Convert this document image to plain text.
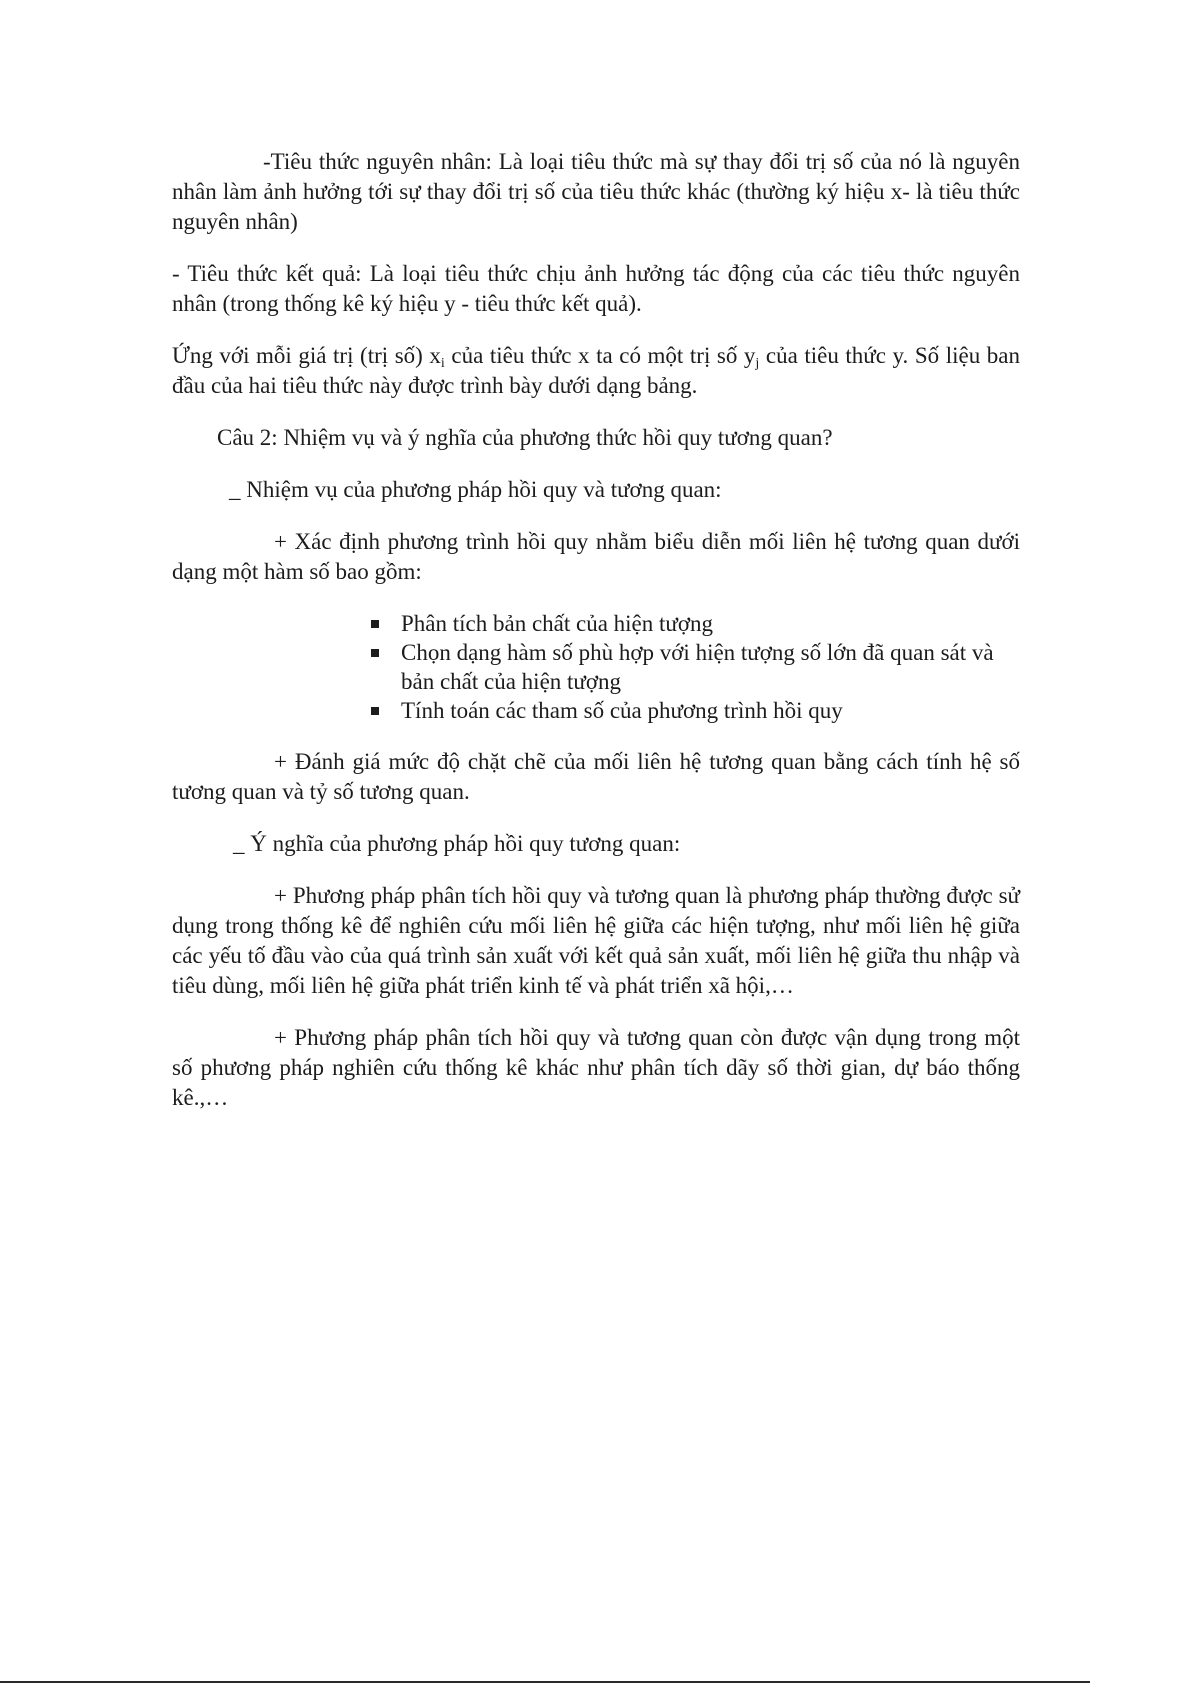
-Tiêu thức nguyên nhân: Là loại tiêu thức mà sự thay đổi trị số của nó là nguyên nhân làm ảnh hưởng tới sự thay đổi trị số của tiêu thức khác (thường ký hiệu x- là tiêu thức nguyên nhân)

- Tiêu thức kết quả: Là loại tiêu thức chịu ảnh hưởng tác động của các tiêu thức nguyên nhân (trong thống kê ký hiệu y - tiêu thức kết quả).

Ứng với mỗi giá trị (trị số) $x_i$ của tiêu thức x ta có một trị số $y_j$ của tiêu thức y. Số liệu ban đầu của hai tiêu thức này được trình bày dưới dạng bảng.

Câu 2: Nhiệm vụ và ý nghĩa của phương thức hồi quy tương quan?

_ Nhiệm vụ của phương pháp hồi quy và tương quan:

+ Xác định phương trình hồi quy nhằm biểu diễn mối liên hệ tương quan dưới dạng một hàm số bao gồm:

Phân tích bản chất của hiện tượng
Chọn dạng hàm số phù hợp với hiện tượng số lớn đã quan sát và bản chất của hiện tượng
Tính toán các tham số của phương trình hồi quy

+ Đánh giá mức độ chặt chẽ của mối liên hệ tương quan bằng cách tính hệ số tương quan và tỷ số tương quan.

_ Ý nghĩa của phương pháp hồi quy tương quan:

+ Phương pháp phân tích hồi quy và tương quan là phương pháp thường được sử dụng trong thống kê để nghiên cứu mối liên hệ giữa các hiện tượng, như mối liên hệ giữa các yếu tố đầu vào của quá trình sản xuất với kết quả sản xuất, mối liên hệ giữa thu nhập và tiêu dùng, mối liên hệ giữa phát triển kinh tế và phát triển xã hội,…

+ Phương pháp phân tích hồi quy và tương quan còn được vận dụng trong một số phương pháp nghiên cứu thống kê khác như phân tích dãy số thời gian, dự báo thống kê.,…
